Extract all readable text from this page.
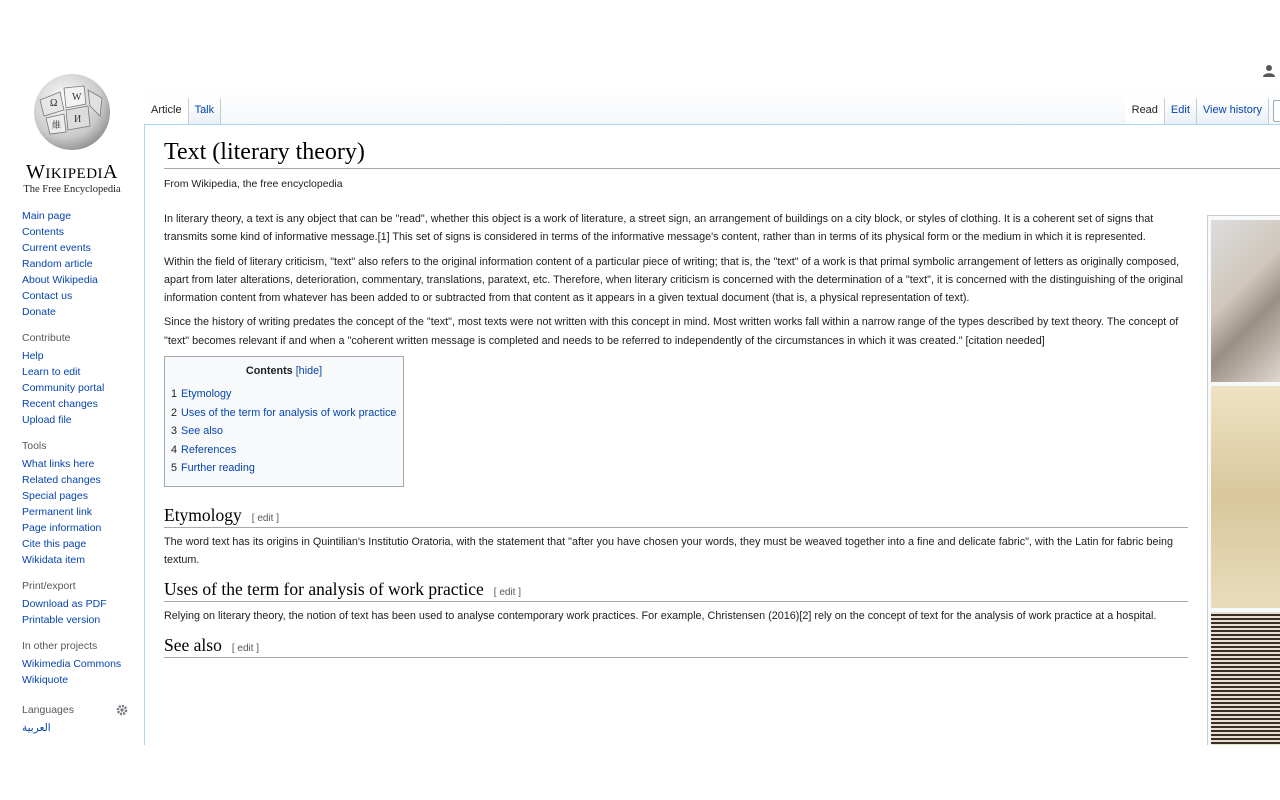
Ω
W
И
維
WIKIPEDIA
The Free Encyclopedia
Main page
Contents
Current events
Random article
About Wikipedia
Contact us
Donate
Contribute
Help
Learn to edit
Community portal
Recent changes
Upload file
Tools
What links here
Related changes
Special pages
Permanent link
Page information
Cite this page
Wikidata item
Print/export
Download as PDF
Printable version
In other projects
Wikimedia Commons
Wikiquote
Languages
العربية
Article	Talk	Read	Edit	View history
Text (literary theory)
From Wikipedia, the free encyclopedia

In literary theory, a text is any object that can be "read", whether this object is a work of literature, a street sign, an arrangement of buildings on a city block, or styles of clothing. It is a coherent set of signs that transmits some kind of informative message.[1] This set of signs is considered in terms of the informative message's content, rather than in terms of its physical form or the medium in which it is represented.

Within the field of literary criticism, "text" also refers to the original information content of a particular piece of writing; that is, the "text" of a work is that primal symbolic arrangement of letters as originally composed, apart from later alterations, deterioration, commentary, translations, paratext, etc. Therefore, when literary criticism is concerned with the determination of a "text", it is concerned with the distinguishing of the original information content from whatever has been added to or subtracted from that content as it appears in a given textual document (that is, a physical representation of text).

Since the history of writing predates the concept of the "text", most texts were not written with this concept in mind. Most written works fall within a narrow range of the types described by text theory. The concept of "text" becomes relevant if and when a "coherent written message is completed and needs to be referred to independently of the circumstances in which it was created." [citation needed]

Contents [hide]
1 Etymology
2 Uses of the term for analysis of work practice
3 See also
4 References
5 Further reading
Etymology [ edit ]

The word text has its origins in Quintilian's Institutio Oratoria, with the statement that "after you have chosen your words, they must be weaved together into a fine and delicate fabric", with the Latin for fabric being textum.

Uses of the term for analysis of work practice [ edit ]

Relying on literary theory, the notion of text has been used to analyse contemporary work practices. For example, Christensen (2016)[2] rely on the concept of text for the analysis of work practice at a hospital.

See also [ edit ]
